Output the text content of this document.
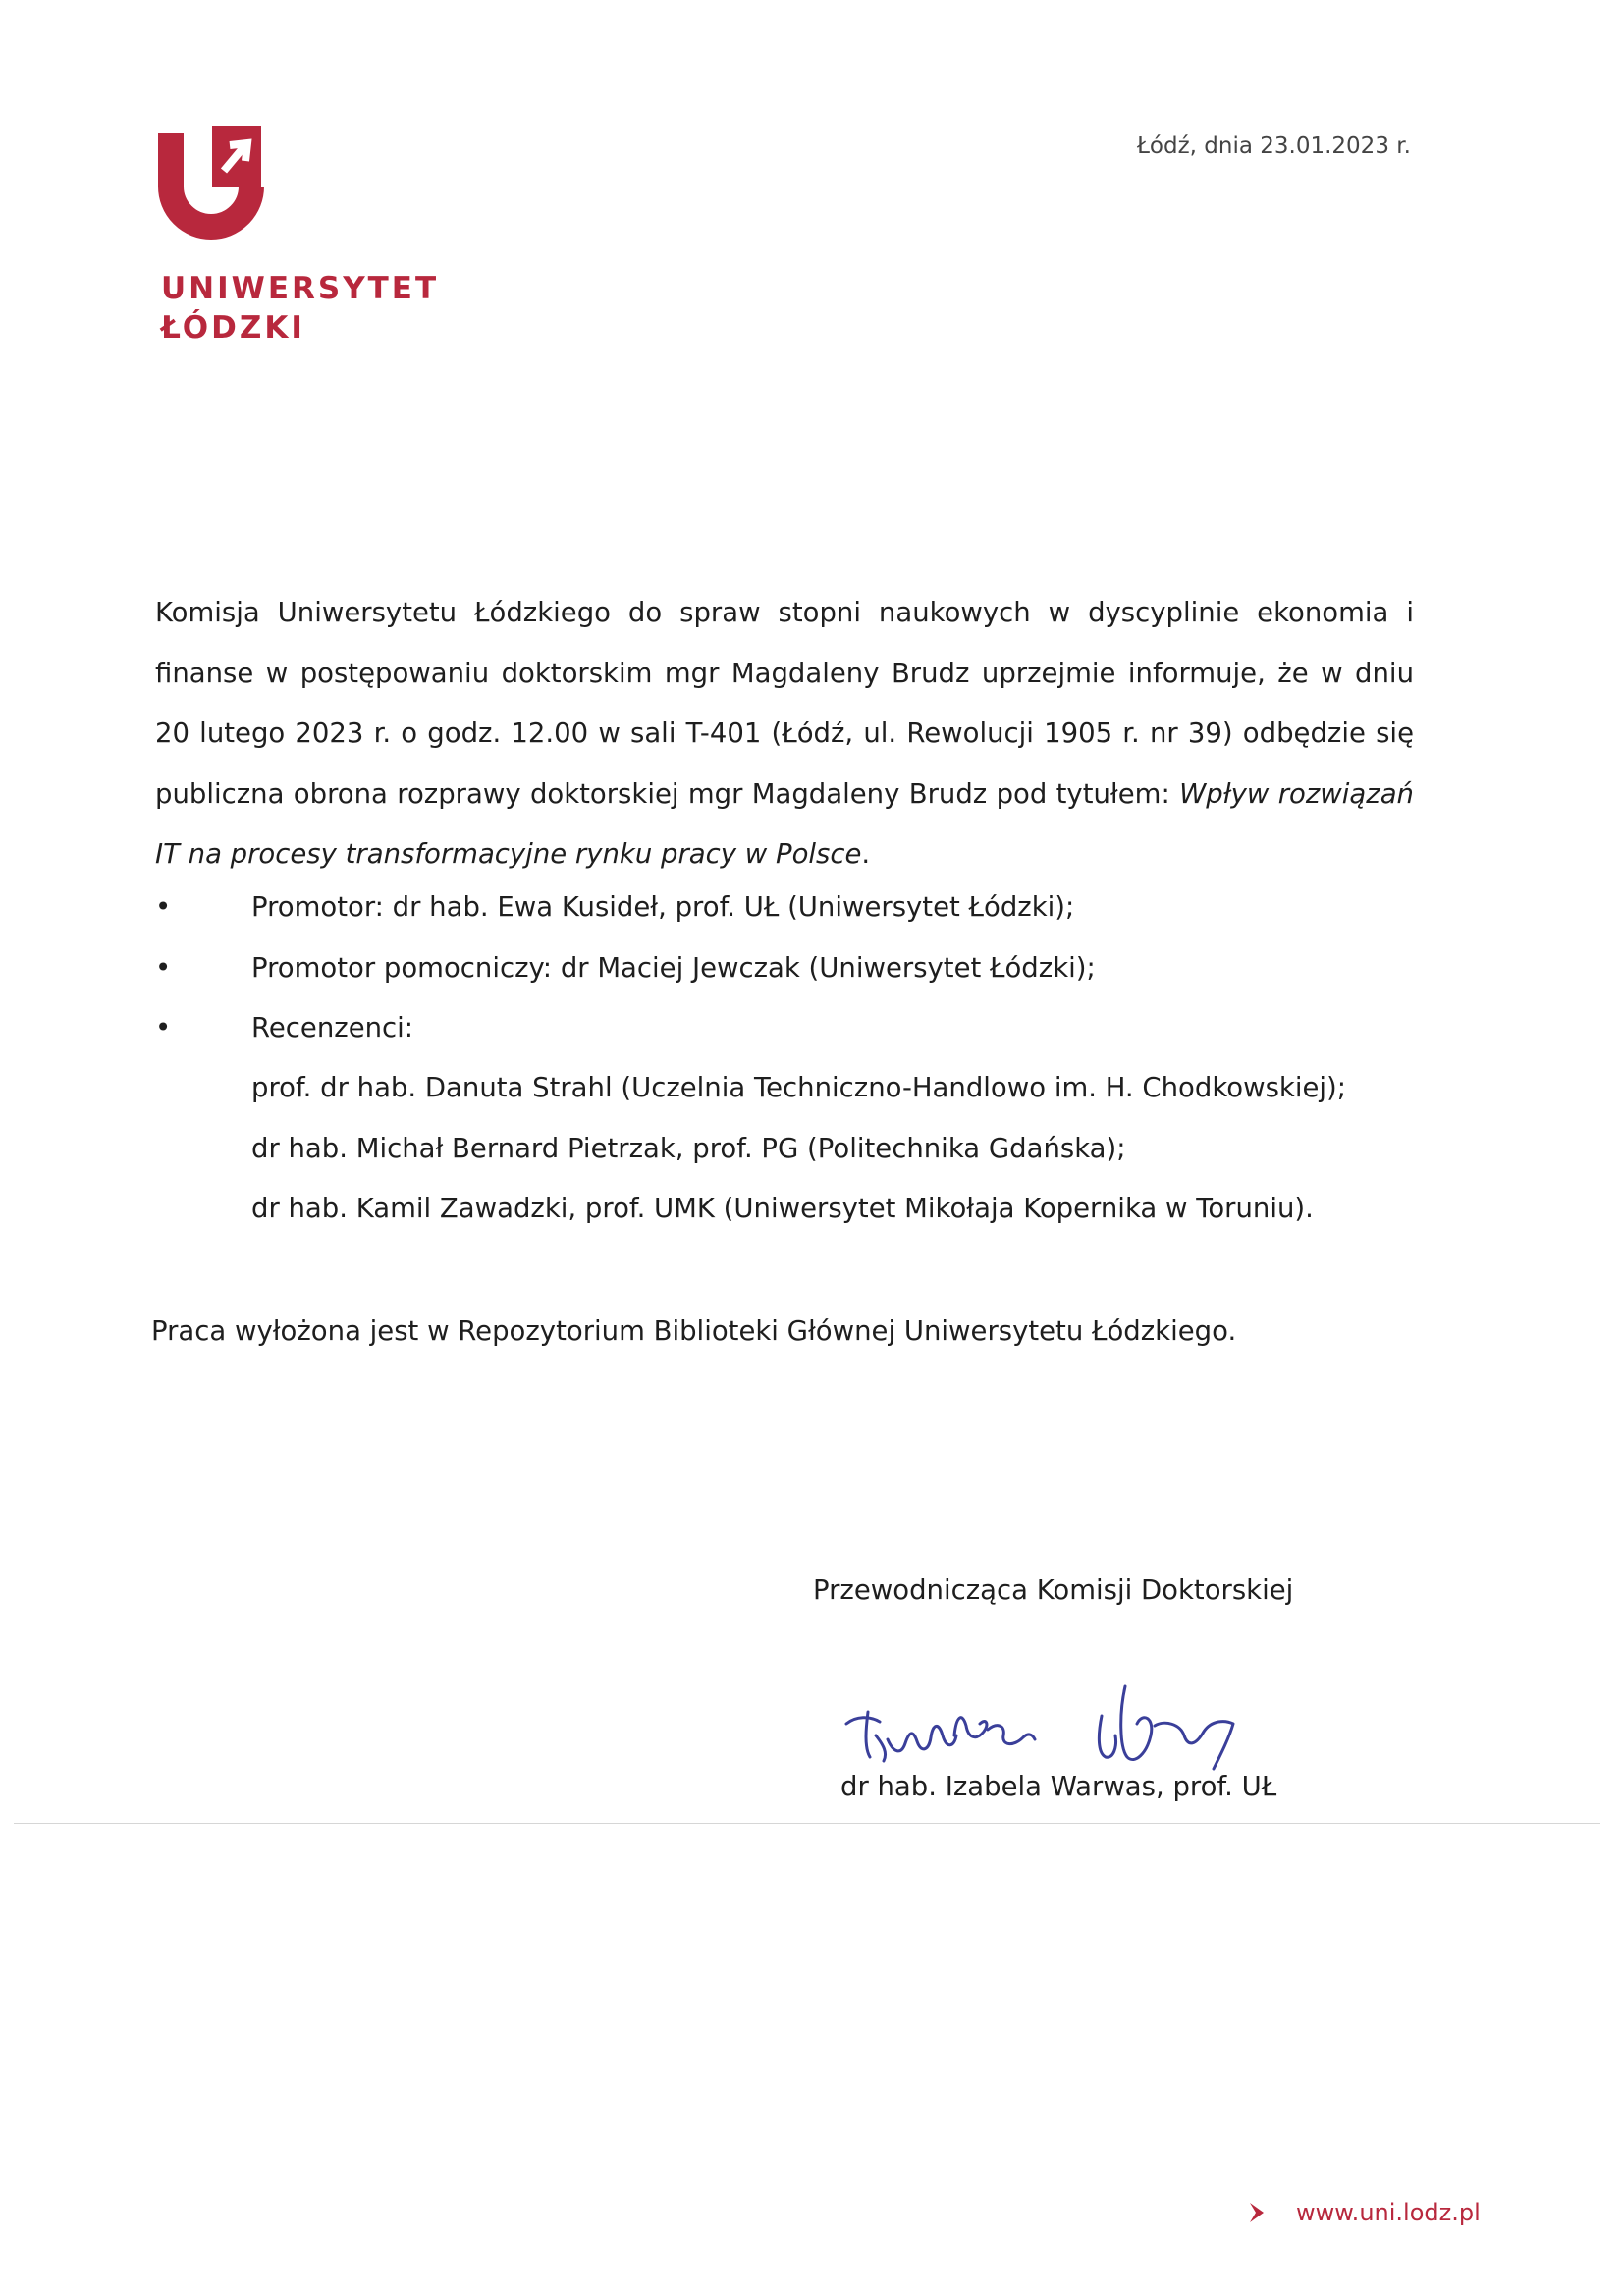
UNIWERSYTET
ŁÓDZKI
Łódź, dnia 23.01.2023 r.

Komisja Uniwersytetu Łódzkiego do spraw stopni naukowych w dyscyplinie ekonomia i finanse w postępowaniu doktorskim mgr Magdaleny Brudz uprzejmie informuje, że w dniu 20 lutego 2023 r. o godz. 12.00 w sali T-401 (Łódź, ul. Rewolucji 1905 r. nr 39) odbędzie się publiczna obrona rozprawy doktorskiej mgr Magdaleny Brudz pod tytułem: Wpływ rozwiązań IT na procesy transformacyjne rynku pracy w Polsce.

•	Promotor: dr hab. Ewa Kusideł, prof. UŁ (Uniwersytet Łódzki);
•	Promotor pomocniczy: dr Maciej Jewczak (Uniwersytet Łódzki);
•	Recenzenci:
prof. dr hab. Danuta Strahl (Uczelnia Techniczno-Handlowo im. H. Chodkowskiej);
dr hab. Michał Bernard Pietrzak, prof. PG (Politechnika Gdańska);
dr hab. Kamil Zawadzki, prof. UMK (Uniwersytet Mikołaja Kopernika w Toruniu).
Praca wyłożona jest w Repozytorium Biblioteki Głównej Uniwersytetu Łódzkiego.
Przewodnicząca Komisji Doktorskiej
dr hab. Izabela Warwas, prof. UŁ
www.uni.lodz.pl
